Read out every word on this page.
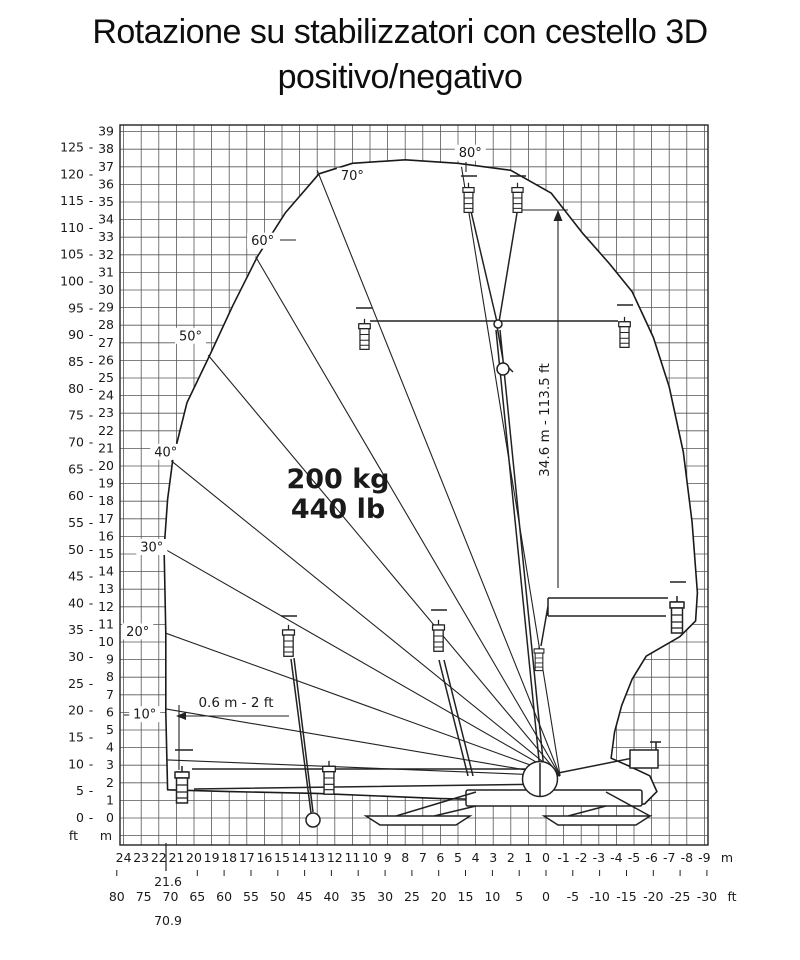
Rotazione su stabilizzatori con cestello 3D
positivo/negativo
34.6 m - 113.5 ft
0.6 m - 2 ft
10°
20°
30°
40°
50°
60°
70°
80°
200 kg
440 lb
0 -
5 -
10 -
15 -
20 -
25 -
30 -
35 -
40 -
45 -
50 -
55 -
60 -
65 -
70 -
75 -
80 -
85 -
90 -
95 -
100 -
105 -
110 -
115 -
120 -
125 -
0
1
2
3
4
5
6
7
8
9
10
11
12
13
14
15
16
17
18
19
20
21
22
23
24
25
26
27
28
29
30
31
32
33
34
35
36
37
38
39
24 23 22 21 20 19 18 17 16 15 14 13 12 11 10 9 8 7 6 5 4 3 2 1 0 -1 -2 -3 -4 -5 -6 -7 -8 -9
80 75 70 65 60 55 50 45 40 35 30 25 20 15 10 5 0 -5 -10 -15 -20 -25 -30
ft m
m
ft
21.6
70.9
